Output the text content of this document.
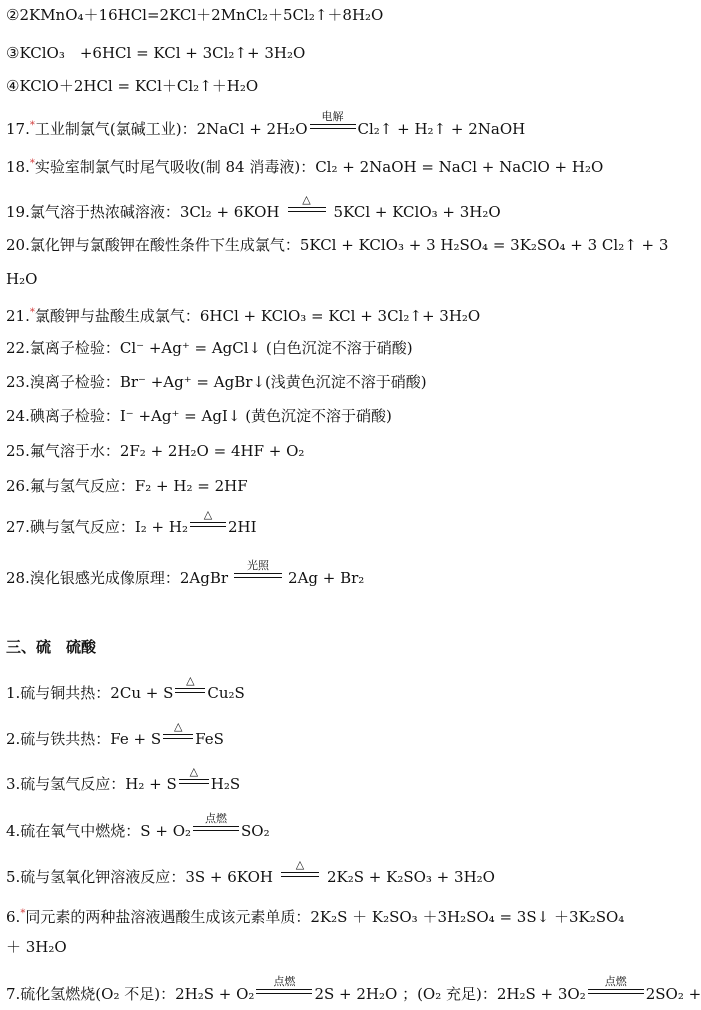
②2KMnO₄＋16HCl=2KCl＋2MnCl₂＋5Cl₂↑＋8H₂O
③KClO₃　+6HCl = KCl + 3Cl₂↑+ 3H₂O
④KClO＋2HCl = KCl＋Cl₂↑＋H₂O
17.*工业制氯气(氯碱工业)：2NaCl + 2H₂O
电解
Cl₂↑ + H₂↑ + 2NaOH
18.*实验室制氯气时尾气吸收(制 84 消毒液)：Cl₂ + 2NaOH = NaCl + NaClO + H₂O
19.氯气溶于热浓碱溶液：3Cl₂ + 6KOH
△
5KCl + KClO₃ + 3H₂O
20.氯化钾与氯酸钾在酸性条件下生成氯气：5KCl + KClO₃ + 3 H₂SO₄ = 3K₂SO₄ + 3 Cl₂↑ + 3
H₂O
21.*氯酸钾与盐酸生成氯气：6HCl + KClO₃ = KCl + 3Cl₂↑+ 3H₂O
22.氯离子检验：Cl⁻ +Ag⁺ = AgCl↓ (白色沉淀不溶于硝酸)
23.溴离子检验：Br⁻ +Ag⁺ = AgBr↓(浅黄色沉淀不溶于硝酸)
24.碘离子检验：I⁻ +Ag⁺ = AgI↓ (黄色沉淀不溶于硝酸)
25.氟气溶于水：2F₂ + 2H₂O = 4HF + O₂
26.氟与氢气反应：F₂ + H₂ = 2HF
27.碘与氢气反应：I₂ + H₂
△
2HI
28.溴化银感光成像原理：2AgBr
光照
2Ag + Br₂
三、硫　硫酸
1.硫与铜共热：2Cu + S
△
Cu₂S
2.硫与铁共热：Fe + S
△
FeS
3.硫与氢气反应：H₂ + S
△
H₂S
4.硫在氧气中燃烧：S + O₂
点燃
SO₂
5.硫与氢氧化钾溶液反应：3S + 6KOH
△
2K₂S + K₂SO₃ + 3H₂O
6.*同元素的两种盐溶液遇酸生成该元素单质：2K₂S ＋ K₂SO₃ ＋3H₂SO₄ = 3S↓ ＋3K₂SO₄
＋ 3H₂O
7.硫化氢燃烧(O₂ 不足)：2H₂S + O₂
点燃
2S + 2H₂O ；(O₂ 充足)：2H₂S + 3O₂
点燃
2SO₂ +
